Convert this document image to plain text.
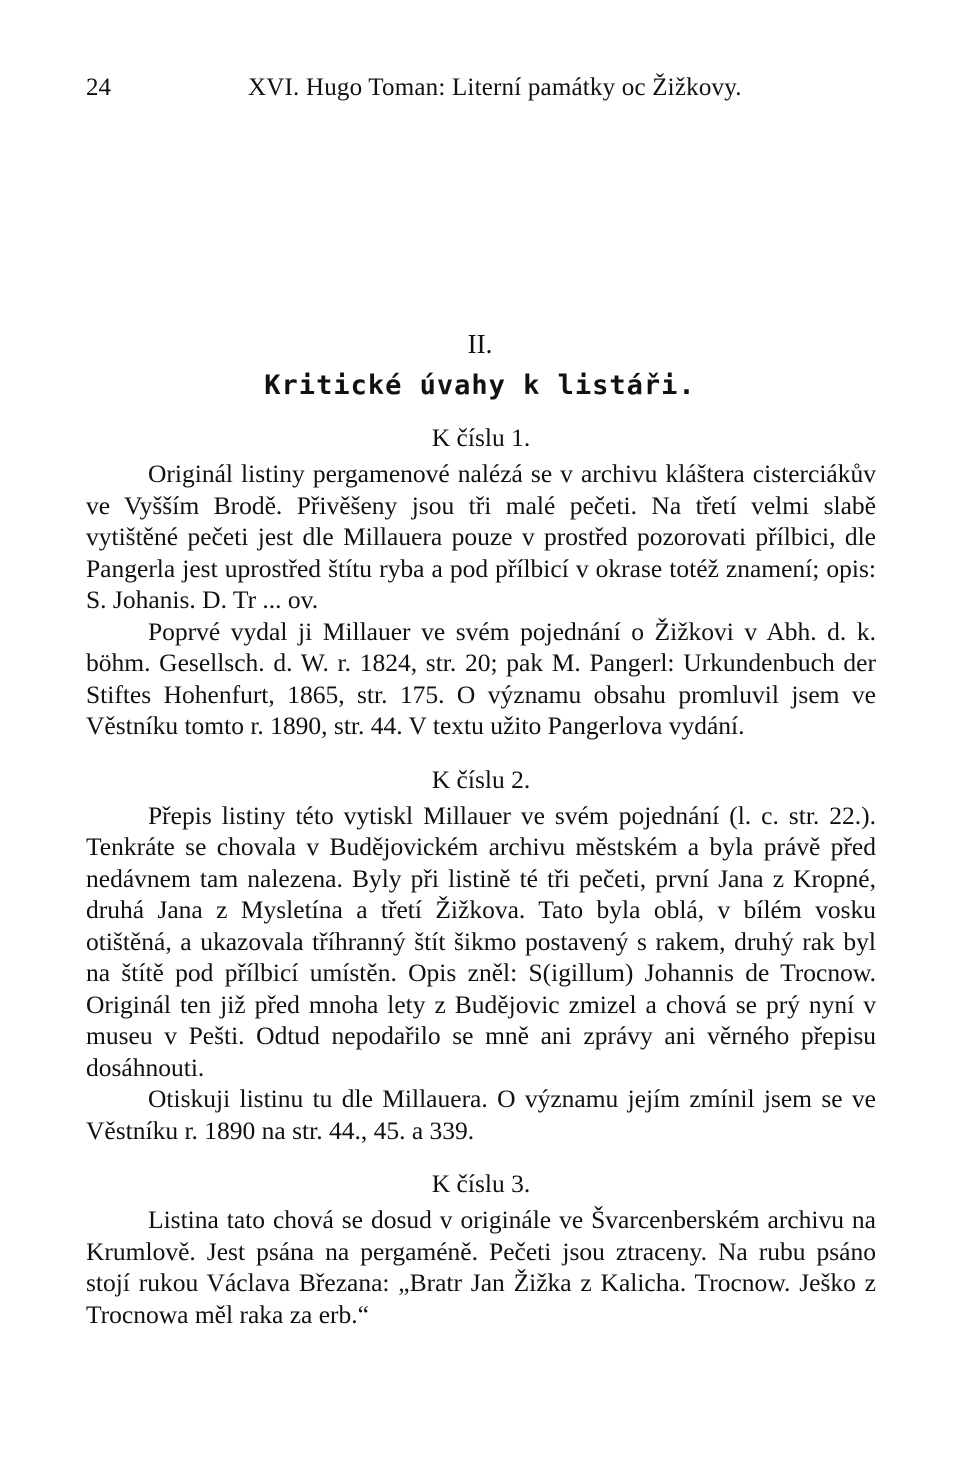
24	XVI. Hugo Toman: Literní památky oc Žižkovy.
II.
Kritické úvahy k listáři.
K číslu 1.

Originál listiny pergamenové nalézá se v archivu kláštera cisterciákův ve Vyšším Brodě. Přivěšeny jsou tři malé pečeti. Na třetí velmi slabě vytištěné pečeti jest dle Millauera pouze v prostřed pozorovati přílbici, dle Pangerla jest uprostřed štítu ryba a pod přílbicí v okrase totéž znamení; opis: S. Johanis. D. Tr ... ov.

Poprvé vydal ji Millauer ve svém pojednání o Žižkovi v Abh. d. k. böhm. Gesellsch. d. W. r. 1824, str. 20; pak M. Pangerl: Urkundenbuch der Stiftes Hohenfurt, 1865, str. 175. O významu obsahu promluvil jsem ve Věstníku tomto r. 1890, str. 44. V textu užito Pangerlova vydání.

K číslu 2.

Přepis listiny této vytiskl Millauer ve svém pojednání (l. c. str. 22.). Tenkráte se chovala v Budějovickém archivu městském a byla právě před nedávnem tam nalezena. Byly při listině té tři pečeti, první Jana z Kropné, druhá Jana z Mysletína a třetí Žižkova. Tato byla oblá, v bílém vosku otištěná, a ukazovala tříhranný štít šikmo postavený s rakem, druhý rak byl na štítě pod přílbicí umístěn. Opis zněl: S(igillum) Johannis de Trocnow. Originál ten již před mnoha lety z Budějovic zmizel a chová se prý nyní v museu v Pešti. Odtud nepodařilo se mně ani zprávy ani věrného přepisu dosáhnouti.

Otiskuji listinu tu dle Millauera. O významu jejím zmínil jsem se ve Věstníku r. 1890 na str. 44., 45. a 339.

K číslu 3.

Listina tato chová se dosud v originále ve Švarcenberském archivu na Krumlově. Jest psána na pergaméně. Pečeti jsou ztraceny. Na rubu psáno stojí rukou Václava Březana: „Bratr Jan Žižka z Kalicha. Trocnow. Ješko z Trocnowa měl raka za erb.“
